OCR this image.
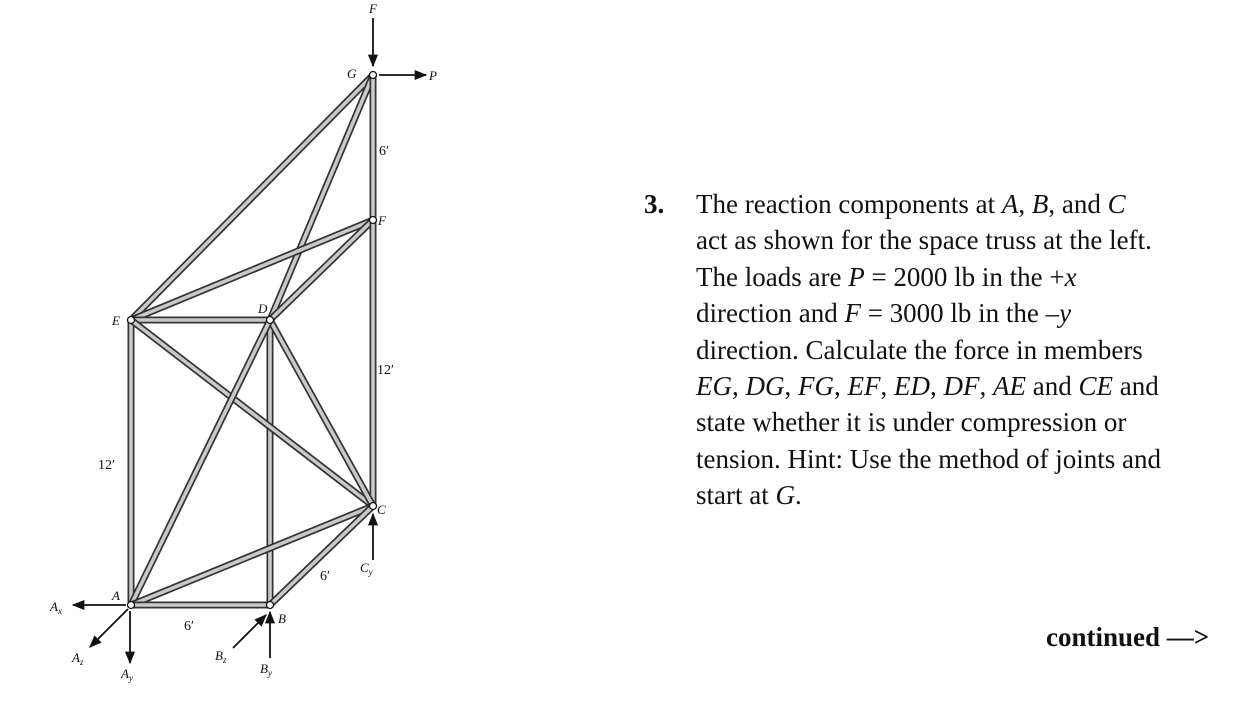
G
F
E
D
C
A
B
6′
12′
12′
6′
6′
F
P
$A_x$
$A_z$
$A_y$
$B_z$
$B_y$
$C_y$
3. The reaction components at A, B, and C
act as shown for the space truss at the left.
The loads are P = 2000 lb in the +x
direction and F = 3000 lb in the –y
direction. Calculate the force in members
EG, DG, FG, EF, ED, DF, AE and CE and
state whether it is under compression or
tension. Hint: Use the method of joints and
start at G.
continued —>
